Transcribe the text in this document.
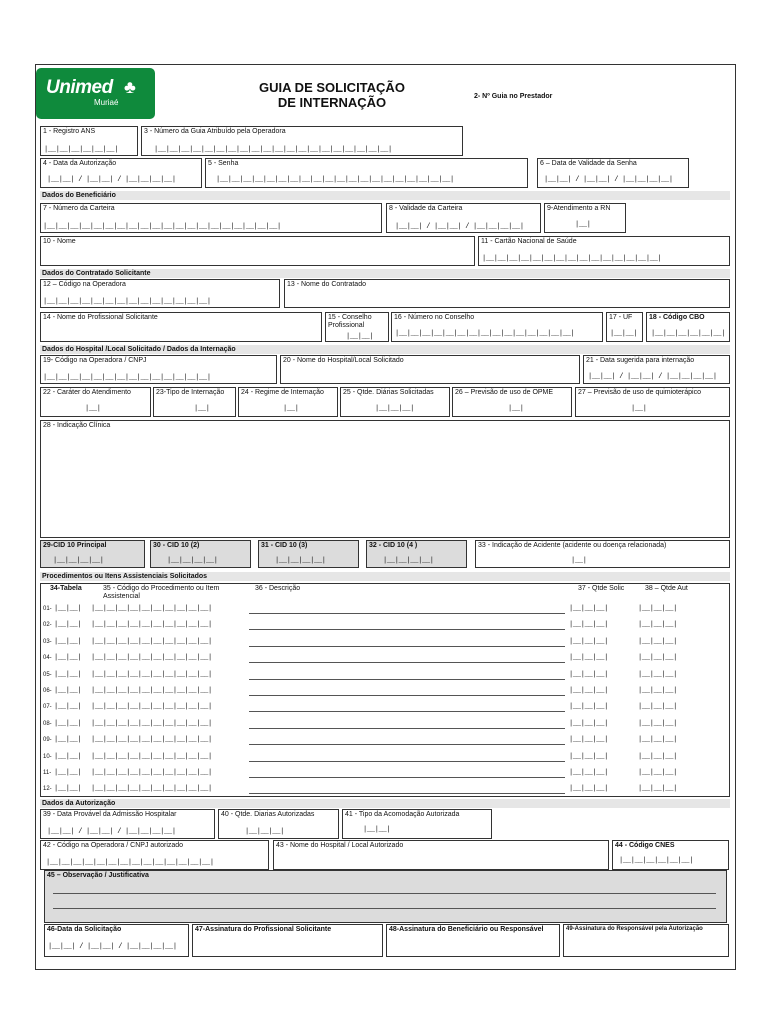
Unimed ♣
Muriaé
GUIA DE SOLICITAÇÃO
DE INTERNAÇÃO	2- Nº Guia no Prestador
1 - Registro ANS
|__|__|__|__|__|__|
3 - Número da Guia Atribuído pela Operadora
|__|__|__|__|__|__|__|__|__|__|__|__|__|__|__|__|__|__|__|__|
4 - Data da Autorização
|__|__| / |__|__| / |__|__|__|__|
5 - Senha
|__|__|__|__|__|__|__|__|__|__|__|__|__|__|__|__|__|__|__|__|
6 – Data de Validade da Senha
|__|__| / |__|__| / |__|__|__|__|
Dados do Beneficiário
7 - Número da Carteira
|__|__|__|__|__|__|__|__|__|__|__|__|__|__|__|__|__|__|__|__|
8 - Validade da Carteira
|__|__| / |__|__| / |__|__|__|__|
9-Atendimento a RN
|__|
10 - Nome	11 - Cartão Nacional de Saúde
|__|__|__|__|__|__|__|__|__|__|__|__|__|__|__|
Dados do Contratado Solicitante
12 – Código na Operadora
|__|__|__|__|__|__|__|__|__|__|__|__|__|__|
13 - Nome do Contratado
14 - Nome do Profissional Solicitante	15 - Conselho Profissional
|__|__|
16 - Número no Conselho
|__|__|__|__|__|__|__|__|__|__|__|__|__|__|__|
17 - UF
|__|__|
18 - Código CBO
|__|__|__|__|__|__|
Dados do Hospital /Local Solicitado / Dados da Internação
19- Código na Operadora / CNPJ
|__|__|__|__|__|__|__|__|__|__|__|__|__|__|
20 - Nome do Hospital/Local Solicitado	21 - Data sugerida para internação
|__|__| / |__|__| / |__|__|__|__|
22 - Caráter do Atendimento
|__|
23-Tipo de Internação
|__|
24 - Regime de Internação
|__|
25 - Qtde. Diárias Solicitadas
|__|__|__|
26 – Previsão de uso de OPME
|__|
27 – Previsão de uso de quimioterápico
|__|
28 - Indicação Clínica
29-CID 10 Principal
|__|__|__|__|
30 - CID 10 (2)
|__|__|__|__|
31 - CID 10 (3)
|__|__|__|__|
32 - CID 10 (4 )
|__|__|__|__|
33 - Indicação de Acidente (acidente ou doença relacionada)
|__|
Procedimentos ou Itens Assistenciais Solicitados
34-Tabela	35 - Código do Procedimento ou Item Assistencial
36 - Descrição	37 - Qtde Solic	38 – Qtde Aut
01- |__|__| |__|__|__|__|__|__|__|__|__|__|	|__|__|__|	|__|__|__|
02- |__|__| |__|__|__|__|__|__|__|__|__|__|	|__|__|__|	|__|__|__|
03- |__|__| |__|__|__|__|__|__|__|__|__|__|	|__|__|__|	|__|__|__|
04- |__|__| |__|__|__|__|__|__|__|__|__|__|	|__|__|__|	|__|__|__|
05- |__|__| |__|__|__|__|__|__|__|__|__|__|	|__|__|__|	|__|__|__|
06- |__|__| |__|__|__|__|__|__|__|__|__|__|	|__|__|__|	|__|__|__|
07- |__|__| |__|__|__|__|__|__|__|__|__|__|	|__|__|__|	|__|__|__|
08- |__|__| |__|__|__|__|__|__|__|__|__|__|	|__|__|__|	|__|__|__|
09- |__|__| |__|__|__|__|__|__|__|__|__|__|	|__|__|__|	|__|__|__|
10- |__|__| |__|__|__|__|__|__|__|__|__|__|	|__|__|__|	|__|__|__|
11- |__|__| |__|__|__|__|__|__|__|__|__|__|	|__|__|__|	|__|__|__|
12- |__|__| |__|__|__|__|__|__|__|__|__|__|	|__|__|__|	|__|__|__|
Dados da Autorização
39 - Data Provável da Admissão Hospitalar
|__|__| / |__|__| / |__|__|__|__|
40 - Qtde. Diarias Autorizadas
|__|__|__|
41 - Tipo da Acomodação Autorizada
|__|__|
42 - Código na Operadora / CNPJ autorizado
|__|__|__|__|__|__|__|__|__|__|__|__|__|__|
43 - Nome do Hospital / Local Autorizado	44 - Código CNES
|__|__|__|__|__|__|
45 – Observação / Justificativa
46-Data da Solicitação
|__|__| / |__|__| / |__|__|__|__|
47-Assinatura do Profissional Solicitante	48-Assinatura do Beneficiário ou Responsável	49-Assinatura do Responsável pela Autorização
